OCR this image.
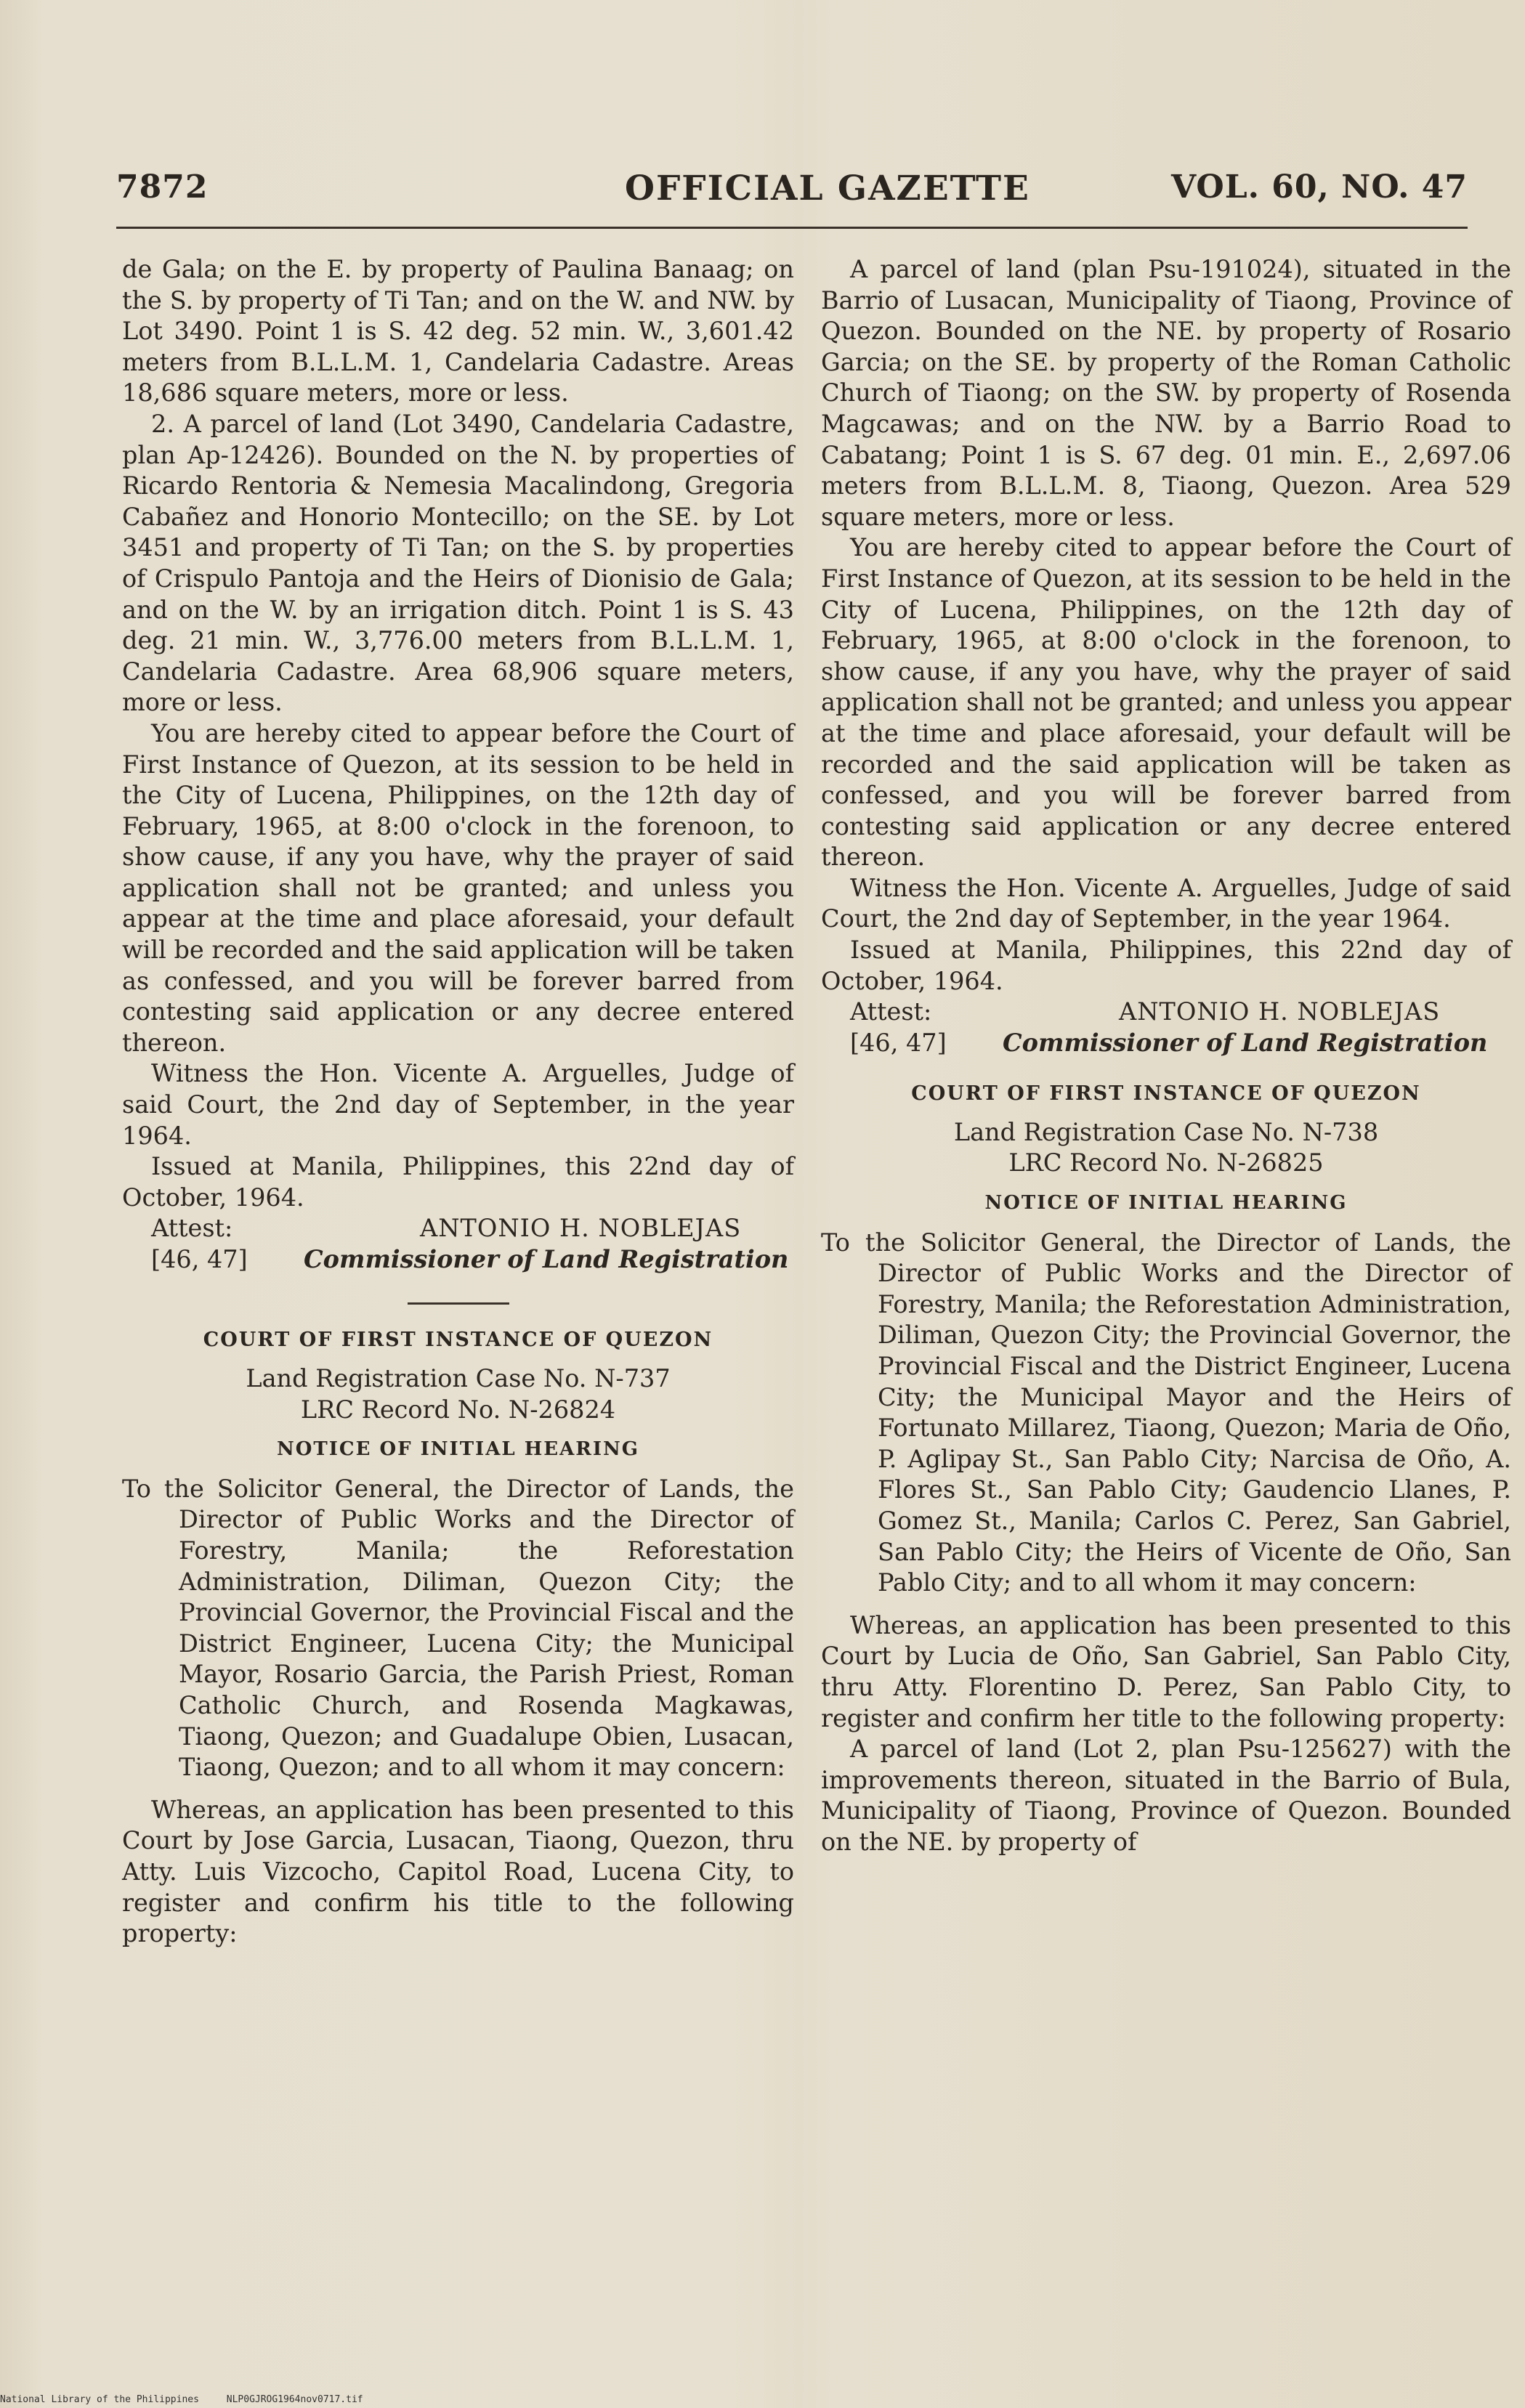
7872	OFFICIAL GAZETTE	VOL. 60, NO. 47

de Gala; on the E. by property of Paulina Banaag; on the S. by property of Ti Tan; and on the W. and NW. by Lot 3490. Point 1 is S. 42 deg. 52 min. W., 3,601.42 meters from B.L.L.M. 1, Candelaria Cadastre. Areas 18,686 square meters, more or less.

2. A parcel of land (Lot 3490, Candelaria Cadastre, plan Ap-12426). Bounded on the N. by properties of Ricardo Rentoria & Nemesia Macalindong, Gregoria Cabañez and Honorio Montecillo; on the SE. by Lot 3451 and property of Ti Tan; on the S. by properties of Crispulo Pantoja and the Heirs of Dionisio de Gala; and on the W. by an irrigation ditch. Point 1 is S. 43 deg. 21 min. W., 3,776.00 meters from B.L.L.M. 1, Candelaria Cadastre. Area 68,906 square meters, more or less.

You are hereby cited to appear before the Court of First Instance of Quezon, at its session to be held in the City of Lucena, Philippines, on the 12th day of February, 1965, at 8:00 o'clock in the forenoon, to show cause, if any you have, why the prayer of said application shall not be granted; and unless you appear at the time and place aforesaid, your default will be recorded and the said application will be taken as confessed, and you will be forever barred from contesting said application or any decree entered thereon.

Witness the Hon. Vicente A. Arguelles, Judge of said Court, the 2nd day of September, in the year 1964.

Issued at Manila, Philippines, this 22nd day of October, 1964.

Attest:	ANTONIO H. NOBLEJAS
[46, 47] Commissioner of Land Registration
COURT OF FIRST INSTANCE OF QUEZON
Land Registration Case No. N-737
LRC Record No. N-26824
NOTICE OF INITIAL HEARING

To the Solicitor General, the Director of Lands, the Director of Public Works and the Director of Forestry, Manila; the Reforestation Administration, Diliman, Quezon City; the Provincial Governor, the Provincial Fiscal and the District Engineer, Lucena City; the Municipal Mayor, Rosario Garcia, the Parish Priest, Roman Catholic Church, and Rosenda Magkawas, Tiaong, Quezon; and Guadalupe Obien, Lusacan, Tiaong, Quezon; and to all whom it may concern:

Whereas, an application has been presented to this Court by Jose Garcia, Lusacan, Tiaong, Quezon, thru Atty. Luis Vizcocho, Capitol Road, Lucena City, to register and confirm his title to the following property:

A parcel of land (plan Psu-191024), situated in the Barrio of Lusacan, Municipality of Tiaong, Province of Quezon. Bounded on the NE. by property of Rosario Garcia; on the SE. by property of the Roman Catholic Church of Tiaong; on the SW. by property of Rosenda Magcawas; and on the NW. by a Barrio Road to Cabatang; Point 1 is S. 67 deg. 01 min. E., 2,697.06 meters from B.L.L.M. 8, Tiaong, Quezon. Area 529 square meters, more or less.

You are hereby cited to appear before the Court of First Instance of Quezon, at its session to be held in the City of Lucena, Philippines, on the 12th day of February, 1965, at 8:00 o'clock in the forenoon, to show cause, if any you have, why the prayer of said application shall not be granted; and unless you appear at the time and place aforesaid, your default will be recorded and the said application will be taken as confessed, and you will be forever barred from contesting said application or any decree entered thereon.

Witness the Hon. Vicente A. Arguelles, Judge of said Court, the 2nd day of September, in the year 1964.

Issued at Manila, Philippines, this 22nd day of October, 1964.

Attest:	ANTONIO H. NOBLEJAS
[46, 47] Commissioner of Land Registration
COURT OF FIRST INSTANCE OF QUEZON
Land Registration Case No. N-738
LRC Record No. N-26825
NOTICE OF INITIAL HEARING

To the Solicitor General, the Director of Lands, the Director of Public Works and the Director of Forestry, Manila; the Reforestation Administration, Diliman, Quezon City; the Provincial Governor, the Provincial Fiscal and the District Engineer, Lucena City; the Municipal Mayor and the Heirs of Fortunato Millarez, Tiaong, Quezon; Maria de Oño, P. Aglipay St., San Pablo City; Narcisa de Oño, A. Flores St., San Pablo City; Gaudencio Llanes, P. Gomez St., Manila; Carlos C. Perez, San Gabriel, San Pablo City; the Heirs of Vicente de Oño, San Pablo City; and to all whom it may concern:

Whereas, an application has been presented to this Court by Lucia de Oño, San Gabriel, San Pablo City, thru Atty. Florentino D. Perez, San Pablo City, to register and confirm her title to the following property:

A parcel of land (Lot 2, plan Psu-125627) with the improvements thereon, situated in the Barrio of Bula, Municipality of Tiaong, Province of Quezon. Bounded on the NE. by property of

National Library of the Philippines	NLP0GJROG1964nov0717.tif
